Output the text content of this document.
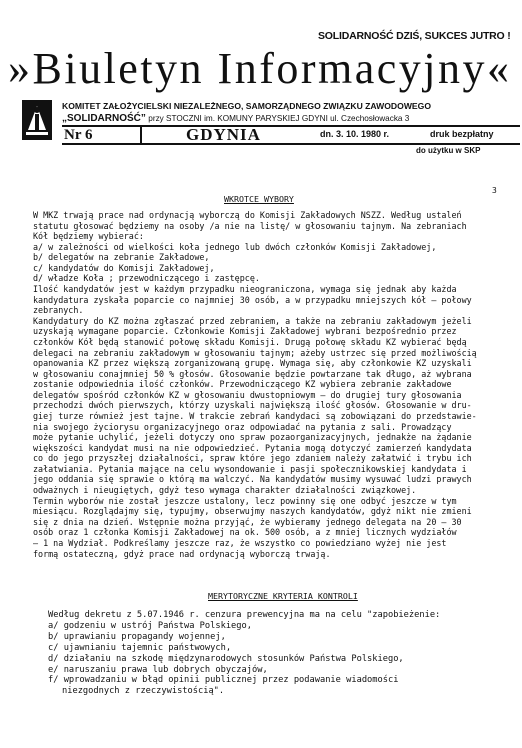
SOLIDARNOŚĆ DZIŚ, SUKCES JUTRO !
»Biuletyn Informacyjny«
KOMITET ZAŁOŻYCIELSKI NIEZALEŻNEGO, SAMORZĄDNEGO ZWIĄZKU ZAWODOWEGO
„SOLIDARNOŚĆ” przy STOCZNI im. KOMUNY PARYSKIEJ GDYNI ul. Czechosłowacka 3
Nr 6	GDYNIA	dn. 3. 10. 1980 r.	druk bezpłatny
do użytku w SKP
3
WKROTCE WYBORY
W MKZ trwają prace nad ordynacją wyborczą do Komisji Zakładowych NSZZ. Według ustaleń
statutu głosować będziemy na osoby /a nie na listę/ w głosowaniu tajnym. Na zebraniach
Kół będziemy wybierać:
a/ w zależności od wielkości koła jednego lub dwóch członków Komisji Zakładowej,
b/ delegatów na zebranie Zakładowe,
c/ kandydatów do Komisji Zakładowej,
d/ władze Koła ; przewodniczącego i zastępcę.
Ilość kandydatów jest w każdym przypadku nieograniczona, wymaga się jednak aby każda
kandydatura zyskała poparcie co najmniej 30 osób, a w przypadku mniejszych kół – połowy
zebranych.
Kandydatury do KZ można zgłaszać przed zebraniem, a także na zebraniu zakładowym jeżeli
uzyskają wymagane poparcie. Członkowie Komisji Zakładowej wybrani bezpośrednio przez
członków Kół będą stanowić połowę składu Komisji. Drugą połowę składu KZ wybierać będą
delegaci na zebraniu zakładowym w głosowaniu tajnym; ażeby ustrzec się przed możliwością
opanowania KZ przez większą zorganizowaną grupę. Wymaga się, aby członkowie KZ uzyskali
w głosowaniu conajmniej 50 % głosów. Głosowanie będzie powtarzane tak długo, aż wybrana
zostanie odpowiednia ilość członków. Przewodniczącego KZ wybiera zebranie zakładowe
delegatów spośród członków KZ w głosowaniu dwustopniowym – do drugiej tury głosowania
przechodzi dwóch pierwszych, którzy uzyskali największą ilość głosów. Głosowanie w dru-
giej turze również jest tajne. W trakcie zebrań kandydaci są zobowiązani do przedstawie-
nia swojego życiorysu organizacyjnego oraz odpowiadać na pytania z sali. Prowadzący
może pytanie uchylić, jeżeli dotyczy ono spraw pozaorganizacyjnych, jednakże na żądanie
większości kandydat musi na nie odpowiedzieć. Pytania mogą dotyczyć zamierzeń kandydata
co do jego przyszłej działalności, spraw które jego zdaniem należy załatwić i trybu ich
załatwiania. Pytania mające na celu wysondowanie i pasji społecznikowskiej kandydata i
jego oddania się sprawie o którą ma walczyć. Na kandydatów musimy wysuwać ludzi prawych
odważnych i nieugiętych, gdyż teso wymaga charakter działalności związkowej.
Termin wyborów nie został jeszcze ustalony, lecz powinny się one odbyć jeszcze w tym
miesiącu. Rozglądajmy się, typujmy, obserwujmy naszych kandydatów, gdyż nikt nie zmieni
się z dnia na dzień. Wstępnie można przyjąć, że wybieramy jednego delegata na 20 – 30
osób oraz 1 członka Komisji Zakładowej na ok. 500 osób, a z mniej licznych wydziałów
– 1 na Wydział. Podkreślamy jeszcze raz, że wszystko co powiedziano wyżej nie jest
formą ostateczną, gdyż prace nad ordynacją wyborczą trwają.
MERYTORYCZNE KRYTERIA KONTROLI
Według dekretu z 5.07.1946 r. cenzura prewencyjna ma na celu "zapobieżenie:
a/ godzeniu w ustrój Państwa Polskiego,
b/ uprawianiu propagandy wojennej,
c/ ujawnianiu tajemnic państwowych,
d/ działaniu na szkodę międzynarodowych stosunków Państwa Polskiego,
e/ naruszaniu prawa lub dobrych obyczajów,
f/ wprowadzaniu w błąd opinii publicznej przez podawanie wiadomości
niezgodnych z rzeczywistością".
